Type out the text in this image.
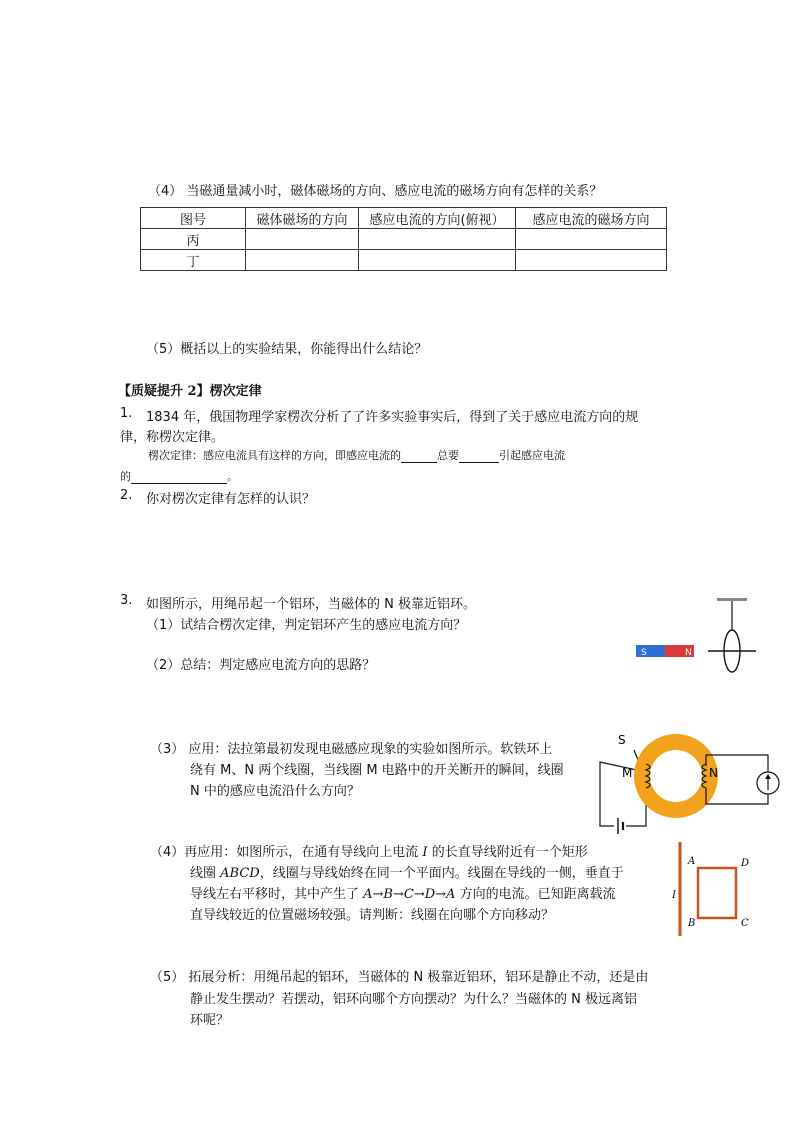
（4） 当磁通量减小时，磁体磁场的方向、感应电流的磁场方向有怎样的关系？
图号	磁体磁场的方向	感应电流的方向(俯视）	感应电流的磁场方向
丙			
丁			
（5）概括以上的实验结果，你能得出什么结论？
【质疑提升 2】楞次定律
1. 1834 年，俄国物理学家楞次分析了了许多实验事实后，得到了关于感应电流方向的规
律，称楞次定律。
楞次定律：感应电流具有这样的方向，即感应电流的	总要	引起感应电流
的	。
2. 你对楞次定律有怎样的认识？
3. 如图所示，用绳吊起一个铝环，当磁体的 N 极靠近铝环。
（1）试结合楞次定律，判定铝环产生的感应电流方向？
（2）总结：判定感应电流方向的思路？
（3） 应用：法拉第最初发现电磁感应现象的实验如图所示。软铁环上
绕有 M、N 两个线圈，当线圈 M 电路中的开关断开的瞬间，线圈
N 中的感应电流沿什么方向？
（4）再应用：如图所示，在通有导线向上电流 I 的长直导线附近有一个矩形
线圈 ABCD，线圈与导线始终在同一个平面内。线圈在导线的一侧，垂直于
导线左右平移时，其中产生了 A→B→C→D→A 方向的电流。已知距离载流
直导线较近的位置磁场较强。请判断：线圈在向哪个方向移动？
（5） 拓展分析：用绳吊起的铝环，当磁体的 N 极靠近铝环，铝环是静止不动，还是由
静止发生摆动？若摆动，铝环向哪个方向摆动？为什么？当磁体的 N 极远离铝
环呢？
S	N
S
M	N
I
A	D
B	C
